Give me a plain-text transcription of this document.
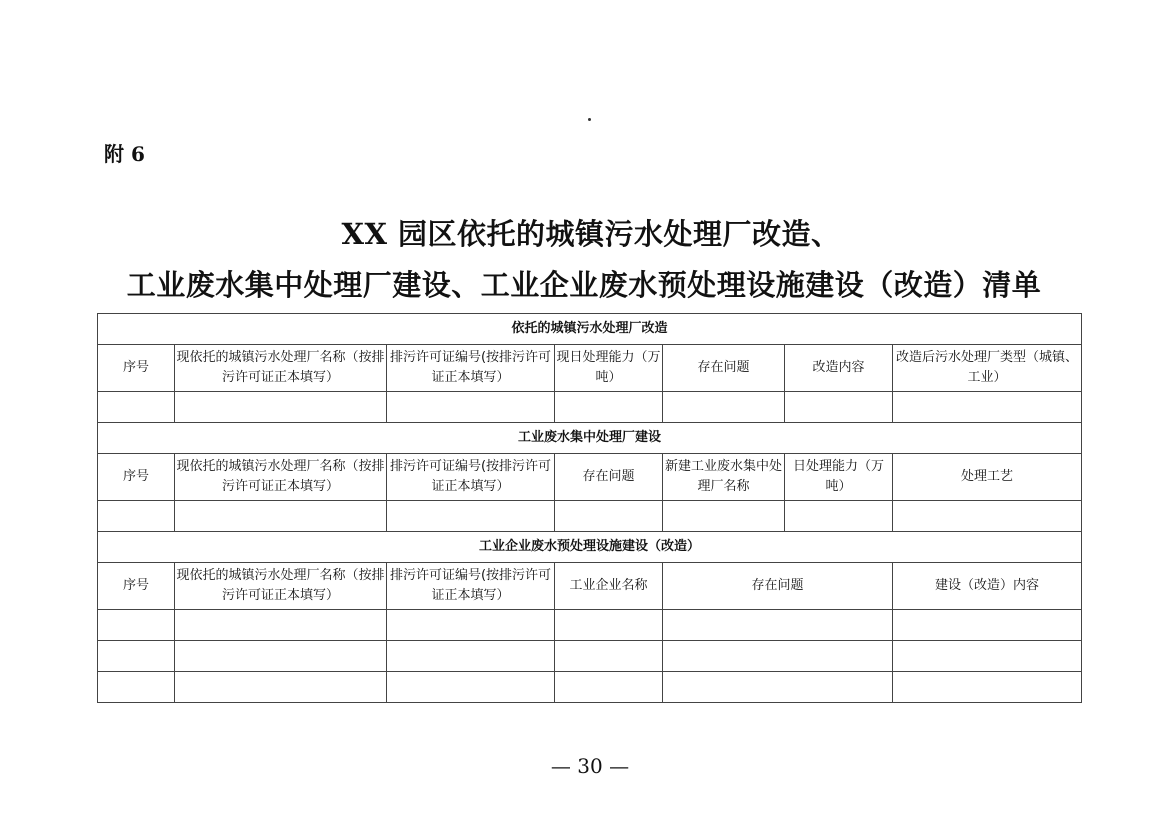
附 6
XX 园区依托的城镇污水处理厂改造、
工业废水集中处理厂建设、工业企业废水预处理设施建设（改造）清单
依托的城镇污水处理厂改造						
序号	现依托的城镇污水处理厂名称（按排污许可证正本填写）	排污许可证编号(按排污许可证正本填写）	现日处理能力（万吨）	存在问题	改造内容	改造后污水处理厂类型（城镇、工业）

工业废水集中处理厂建设						
序号	现依托的城镇污水处理厂名称（按排污许可证正本填写）	排污许可证编号(按排污许可证正本填写）	存在问题	新建工业废水集中处理厂名称	日处理能力（万吨）	处理工艺

工业企业废水预处理设施建设（改造）						
序号	现依托的城镇污水处理厂名称（按排污许可证正本填写）	排污许可证编号(按排污许可证正本填写）	工业企业名称	存在问题		建设（改造）内容

— 30 —
